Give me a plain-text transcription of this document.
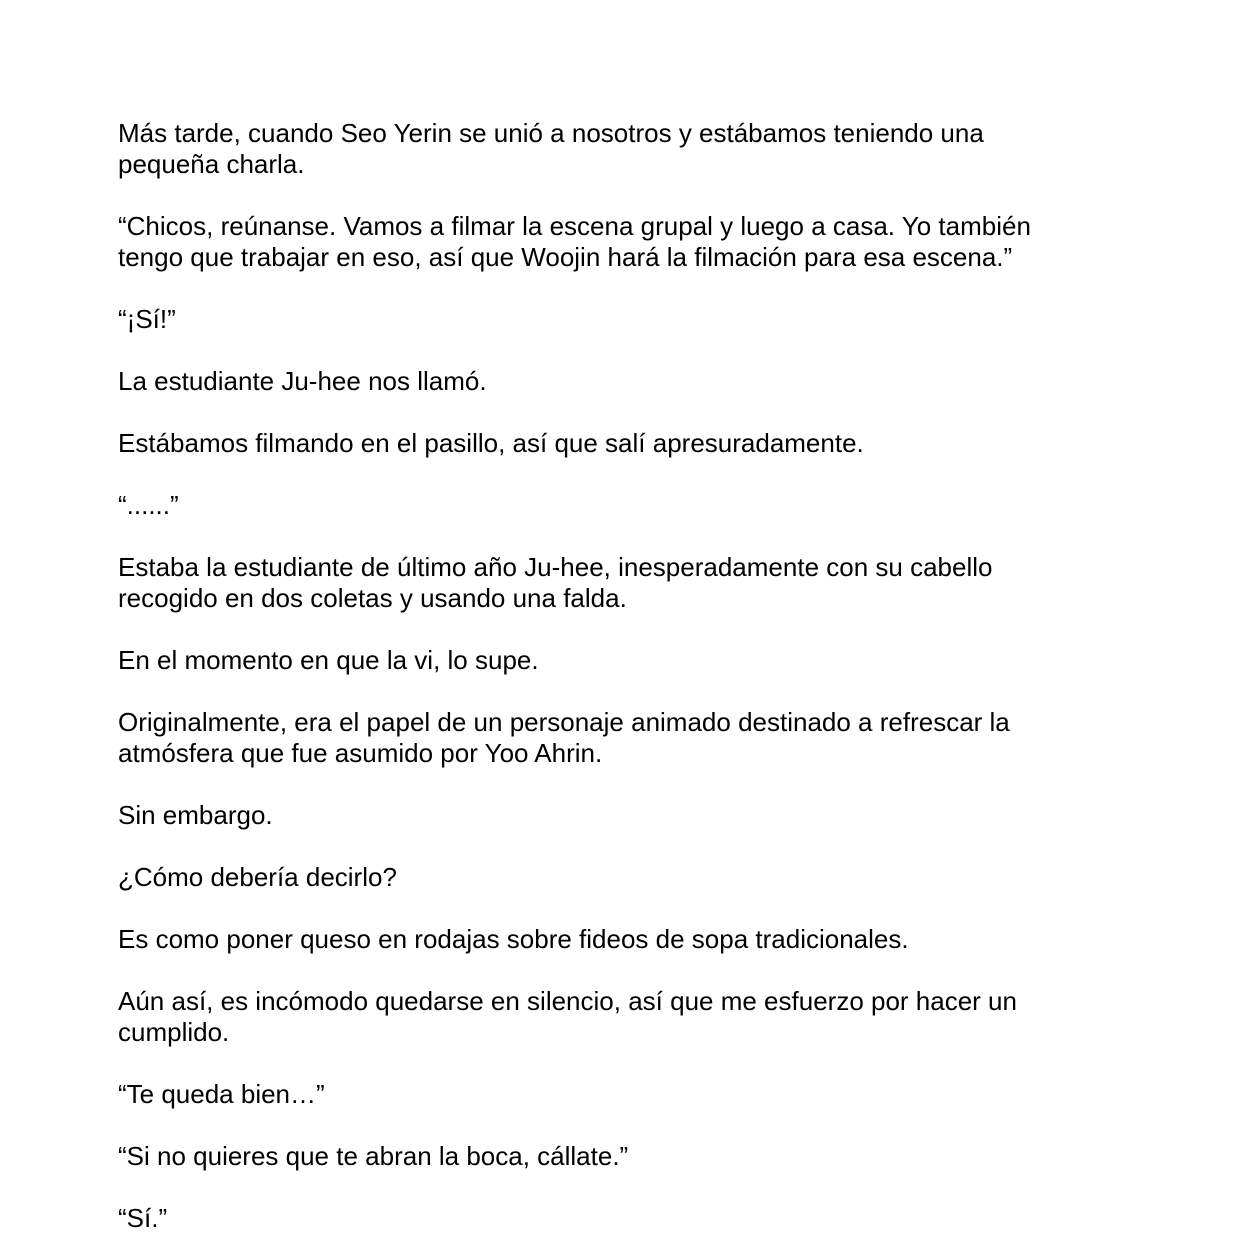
Más tarde, cuando Seo Yerin se unió a nosotros y estábamos teniendo una
pequeña charla.

“Chicos, reúnanse. Vamos a filmar la escena grupal y luego a casa. Yo también
tengo que trabajar en eso, así que Woojin hará la filmación para esa escena.”

“¡Sí!”

La estudiante Ju-hee nos llamó.

Estábamos filmando en el pasillo, así que salí apresuradamente.

“......”

Estaba la estudiante de último año Ju-hee, inesperadamente con su cabello
recogido en dos coletas y usando una falda.

En el momento en que la vi, lo supe.

Originalmente, era el papel de un personaje animado destinado a refrescar la
atmósfera que fue asumido por Yoo Ahrin.

Sin embargo.

¿Cómo debería decirlo?

Es como poner queso en rodajas sobre fideos de sopa tradicionales.

Aún así, es incómodo quedarse en silencio, así que me esfuerzo por hacer un
cumplido.

“Te queda bien…”

“Si no quieres que te abran la boca, cállate.”

“Sí.”
